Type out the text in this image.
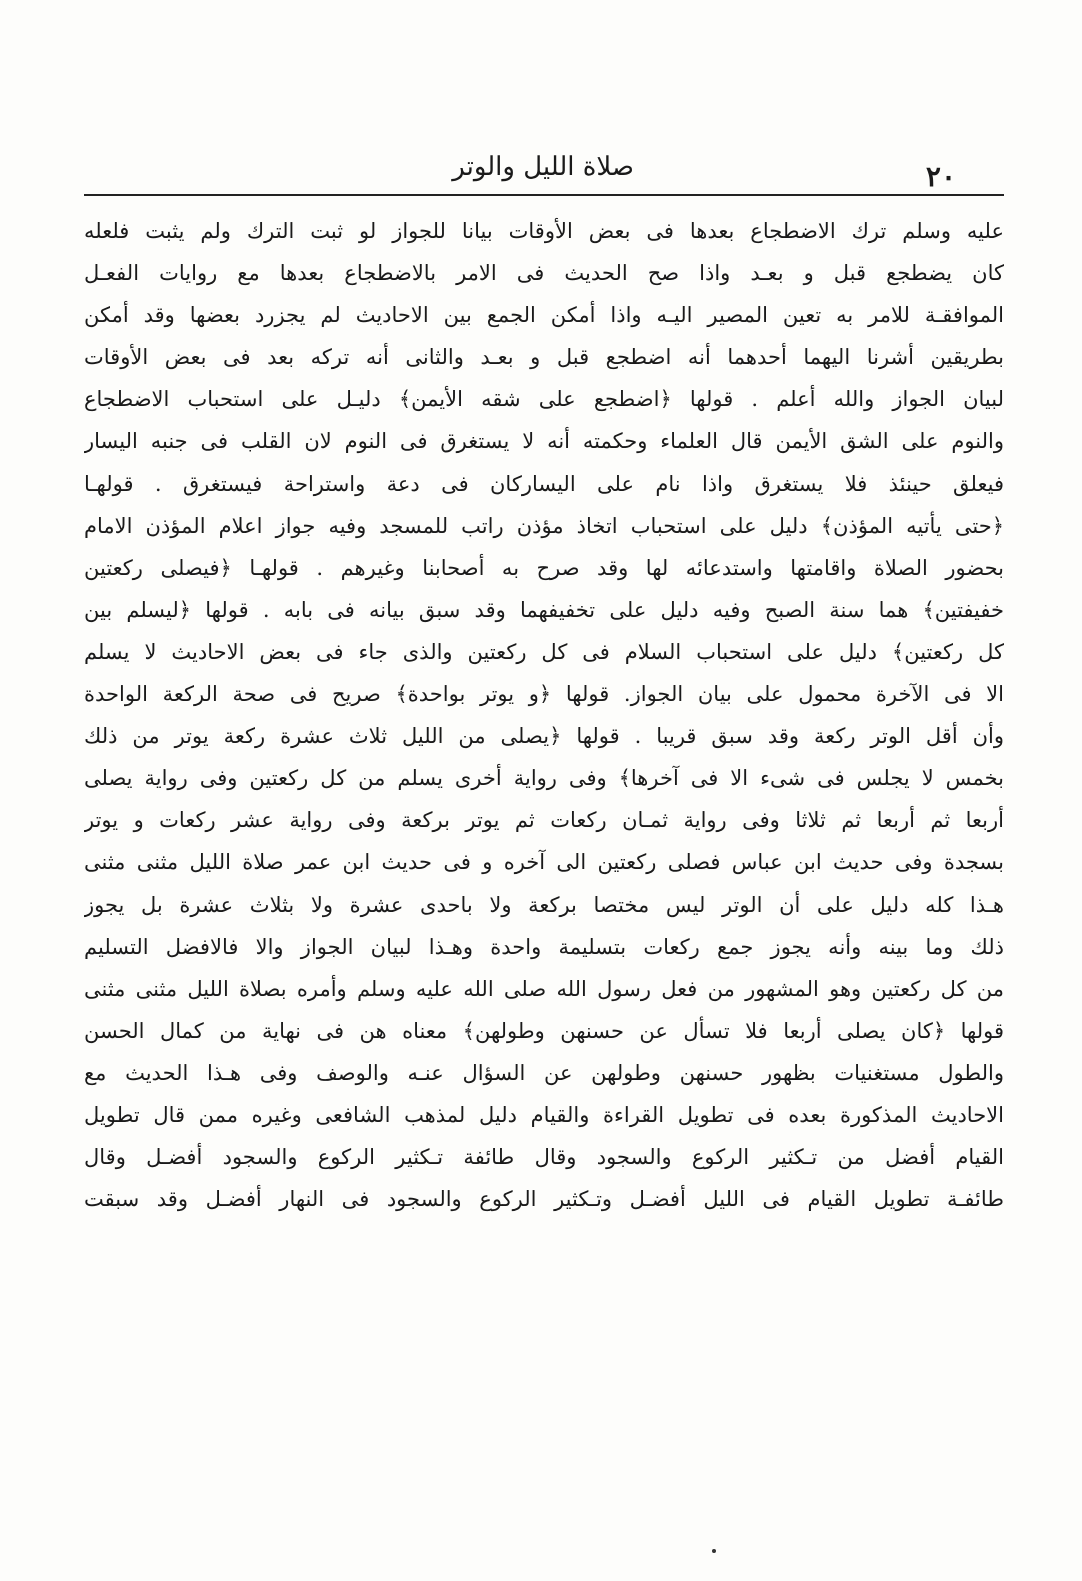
٢٠
صلاة الليل والوتر
عليه وسلم ترك الاضطجاع بعدها فى بعض الأوقات بيانا للجواز لو ثبت الترك ولم يثبت فلعله
كان يضطجع قبل و بعـد واذا صح الحديث فى الامر بالاضطجاع بعدها مع روايات الفعـل
الموافقـة للامر به تعين المصير اليـه واذا أمكن الجمع بين الاحاديث لم يجزرد بعضها وقد أمكن
بطريقين أشرنا اليهما أحدهما أنه اضطجع قبل و بعـد والثانى أنه تركه بعد فى بعض الأوقات
لبيان الجواز والله أعلم . قولها ﴿اضطجع على شقه الأيمن﴾ دليـل على استحباب الاضطجاع
والنوم على الشق الأيمن قال العلماء وحكمته أنه لا يستغرق فى النوم لان القلب فى جنبه اليسار
فيعلق حينئذ فلا يستغرق واذا نام على اليساركان فى دعة واستراحة فيستغرق . قولهـا
﴿حتى يأتيه المؤذن﴾ دليل على استحباب اتخاذ مؤذن راتب للمسجد وفيه جواز اعلام المؤذن الامام
بحضور الصلاة واقامتها واستدعائه لها وقد صرح به أصحابنا وغيرهم . قولهـا ﴿فيصلى ركعتين
خفيفتين﴾ هما سنة الصبح وفيه دليل على تخفيفهما وقد سبق بيانه فى بابه . قولها ﴿ليسلم بين
كل ركعتين﴾ دليل على استحباب السلام فى كل ركعتين والذى جاء فى بعض الاحاديث لا يسلم
الا فى الآخرة محمول على بيان الجواز. قولها ﴿و يوتر بواحدة﴾ صريح فى صحة الركعة الواحدة
وأن أقل الوتر ركعة وقد سبق قريبا . قولها ﴿يصلى من الليل ثلاث عشرة ركعة يوتر من ذلك
بخمس لا يجلس فى شىء الا فى آخرها﴾ وفى رواية أخرى يسلم من كل ركعتين وفى رواية يصلى
أربعا ثم أربعا ثم ثلاثا وفى رواية ثمـان ركعات ثم يوتر بركعة وفى رواية عشر ركعات و يوتر
بسجدة وفى حديث ابن عباس فصلى ركعتين الى آخره و فى حديث ابن عمر صلاة الليل مثنى مثنى
هـذا كله دليل على أن الوتر ليس مختصا بركعة ولا باحدى عشرة ولا بثلاث عشرة بل يجوز
ذلك وما بينه وأنه يجوز جمع ركعات بتسليمة واحدة وهـذا لبيان الجواز والا فالافضل التسليم
من كل ركعتين وهو المشهور من فعل رسول الله صلى الله عليه وسلم وأمره بصلاة الليل مثنى مثنى
قولها ﴿كان يصلى أربعا فلا تسأل عن حسنهن وطولهن﴾ معناه هن فى نهاية من كمال الحسن
والطول مستغنيات بظهور حسنهن وطولهن عن السؤال عنـه والوصف وفى هـذا الحديث مع
الاحاديث المذكورة بعده فى تطويل القراءة والقيام دليل لمذهب الشافعى وغيره ممن قال تطويل
القيام أفضل من تـكثير الركوع والسجود وقال طائفة تـكثير الركوع والسجود أفضـل وقال
طائفـة تطويل القيام فى الليل أفضـل وتـكثير الركوع والسجود فى النهار أفضـل وقد سبقت
